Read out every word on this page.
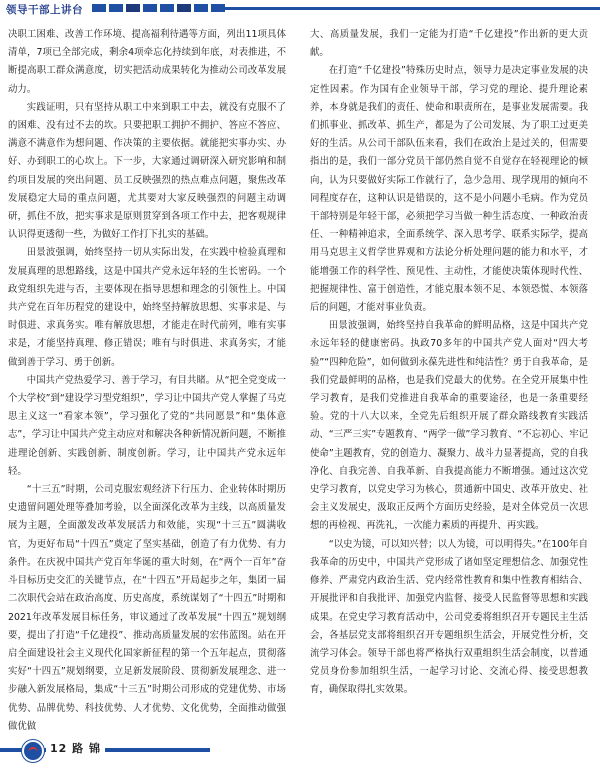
领导干部上讲台

决职工困难、改善工作环境、提高福利待遇等方面，列出11项具体清单，7项已全部完成，剩余4项牵忘化持续到年底，对表推进，不断提高职工群众满意度，切实把活动成果转化为推动公司改革发展动力。

实践证明，只有坚持从职工中来到职工中去，就没有克服不了的困难、没有过不去的坎。只要把职工拥护不拥护、答应不答应、满意不满意作为想问题、作决策的主要依据。就能把实事办实、办好、办到职工的心坎上。下一步，大家通过调研深入研究影响和制约项目发展的突出问题、员工反映强烈的热点难点问题，聚焦改革发展稳定大局的重点问题，尤其要对大家反映强烈的问题主动调研，抓住不放，把实事求是原则贯穿到各项工作中去，把客观规律认识得更透彻一些，为做好工作打下扎实的基础。

田景波强调，始终坚持一切从实际出发，在实践中检验真理和发展真理的思想路线，这是中国共产党永远年轻的生长密码。一个政党组织先进与否，主要体现在指导思想和理念的引领性上。中国共产党在百年历程党的建设中，始终坚持解放思想、实事求是、与时俱进、求真务实。唯有解放思想，才能走在时代前列，唯有实事求是，才能坚持真理、修正错误；唯有与时俱进、求真务实，才能做到善于学习、勇于创新。

中国共产党热爱学习、善于学习，有目共睹。从“把全党变成一个大学校”到“建设学习型党组织”，学习让中国共产党人掌握了马克思主义这一“看家本领”，学习强化了党的“共同愿景”和“集体意志”，学习让中国共产党主动应对和解决各种新情况新问题，不断推进理论创新、实践创新、制度创新。学习，让中国共产党永远年轻。

“十三五”时期，公司克服宏观经济下行压力、企业转体时期历史遗留问题处理等叠加考验，以全面深化改革为主线，以高质量发展为主题，全面激发改革发展活力和效能，实现“十三五”圆满收官，为更好布局“十四五”奠定了坚实基础，创造了有力优势、有力条件。在庆祝中国共产党百年华诞的重大时刻，在“两个一百年”奋斗目标历史交汇的关键节点，在“十四五”开局起步之年，集团一届二次职代会站在政治高度、历史高度，系统谋划了“十四五”时期和2021年改革发展目标任务，审议通过了改革发展“十四五”规划纲要，提出了打造“千亿建投”、推动高质量发展的宏伟蓝图。站在开启全面建设社会主义现代化国家新征程的第一个五年起点，贯彻落实好“十四五”规划纲要，立足新发展阶段、贯彻新发展理念、进一步融入新发展格局，集成“十三五”时期公司形成的党建优势、市场优势、品牌优势、科技优势、人才优势、文化优势，全面推动做强做优做

大、高质量发展，我们一定能为打造“千亿建投”作出新的更大贡献。

在打造“千亿建投”特殊历史时点，领导力是决定事业发展的决定性因素。作为国有企业领导干部，学习党的理论、提升理论素养，本身就是我们的责任、使命和职责所在，是事业发展需要。我们抓事业、抓改革、抓生产，都是为了公司发展、为了职工过更美好的生活。从公司干部队伍来看，我们在政治上是过关的，但需要指出的是，我们一部分党员干部仍然自觉不自觉存在轻视理论的倾向，认为只要做好实际工作就行了，急少急用、现学现用的倾向不同程度存在，这种认识是错误的，这不是小问题小毛病。作为党员干部特别是年轻干部，必须把学习当做一种生活态度、一种政治责任、一种精神追求，全面系统学、深入思考学、联系实际学，提高用马克思主义哲学世界观和方法论分析处理问题的能力和水平，才能增强工作的科学性、预见性、主动性，才能使决策体现时代性、把握规律性、富于创造性，才能克服本领不足、本领恐慌、本领落后的问题，才能对事业负责。

田景波强调，始终坚持自我革命的鲜明品格，这是中国共产党永远年轻的健康密码。执政70多年的中国共产党人面对“四大考验”“四种危险”，如何做到永葆先进性和纯洁性？勇于自我革命，是我们党最鲜明的品格，也是我们党最大的优势。在全党开展集中性学习教育，是我们党推进自我革命的重要途径，也是一条重要经验。党的十八大以来，全党先后组织开展了群众路线教育实践活动、“三严三实”专题教育、“两学一做”学习教育、“不忘初心、牢记使命”主题教育，党的创造力、凝聚力、战斗力显著提高，党的自我净化、自我完善、自我革新、自我提高能力不断增强。通过这次党史学习教育，以党史学习为核心，贯通新中国史、改革开放史、社会主义发展史，汲取正反两个方面历史经验，是对全体党员一次思想的再检视、再洗礼，一次能力素质的再提升、再实践。

“以史为镜，可以知兴替；以人为镜，可以明得失。”在100年自我革命的历史中，中国共产党形成了诸如坚定理想信念、加强党性修养、严肃党内政治生活、党内经常性教育和集中性教育相结合、开展批评和自我批评、加强党内监督、接受人民监督等思想和实践成果。在党史学习教育活动中，公司党委将组织召开专题民主生活会，各基层党支部将组织召开专题组织生活会，开展党性分析，交流学习体会。领导干部也将严格执行双重组织生活会制度，以普通党员身份参加组织生活，一起学习讨论、交流心得、接受思想教育，确保取得扎实效果。

12 路 锦
